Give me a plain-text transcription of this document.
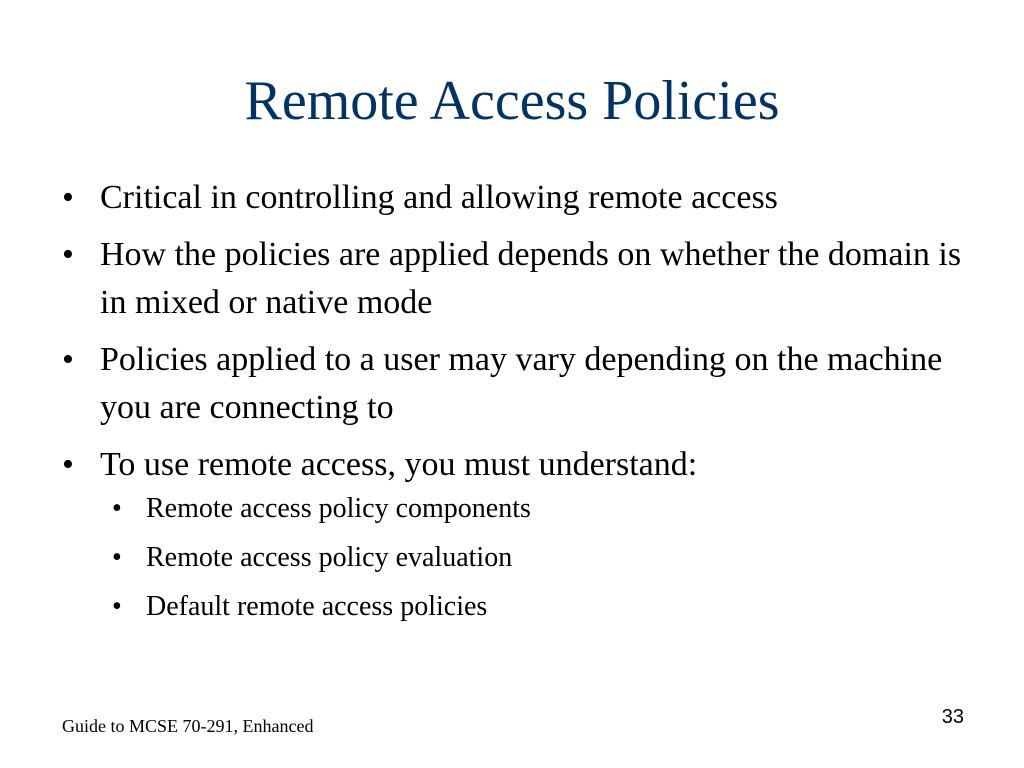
Remote Access Policies
• Critical in controlling and allowing remote access
• How the policies are applied depends on whether the domain is in mixed or native mode
• Policies applied to a user may vary depending on the machine you are connecting to
• To use remote access, you must understand:
• Remote access policy components
• Remote access policy evaluation
• Default remote access policies
Guide to MCSE 70-291, Enhanced	33
